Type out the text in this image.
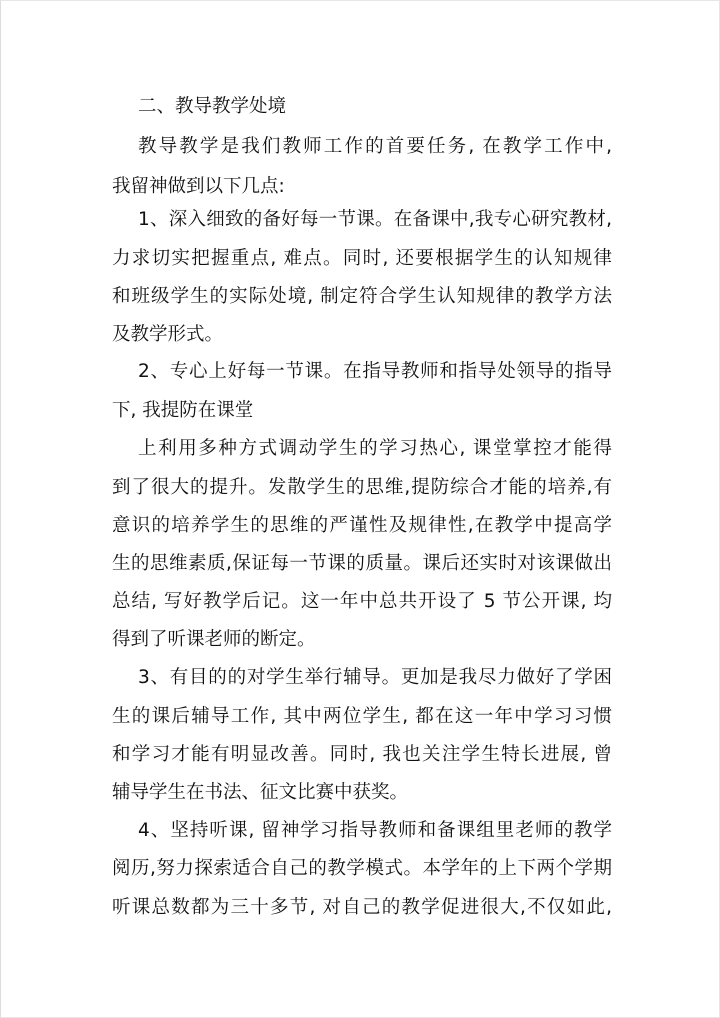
二、教导教学处境

教导教学是我们教师工作的首要任务, 在教学工作中,

我留神做到以下几点:

1、深入细致的备好每一节课。在备课中,我专心研究教材,

力求切实把握重点, 难点。同时, 还要根据学生的认知规律

和班级学生的实际处境, 制定符合学生认知规律的教学方法

及教学形式。

2、专心上好每一节课。在指导教师和指导处领导的指导

下, 我提防在课堂

上利用多种方式调动学生的学习热心, 课堂掌控才能得

到了很大的提升。发散学生的思维,提防综合才能的培养,有

意识的培养学生的思维的严谨性及规律性,在教学中提高学

生的思维素质,保证每一节课的质量。课后还实时对该课做出

总结, 写好教学后记。这一年中总共开设了 5 节公开课, 均

得到了听课老师的断定。

3、有目的的对学生举行辅导。更加是我尽力做好了学困

生的课后辅导工作, 其中两位学生, 都在这一年中学习习惯

和学习才能有明显改善。同时, 我也关注学生特长进展, 曾

辅导学生在书法、征文比赛中获奖。

4、坚持听课, 留神学习指导教师和备课组里老师的教学

阅历,努力探索适合自己的教学模式。本学年的上下两个学期

听课总数都为三十多节, 对自己的教学促进很大,不仅如此,
